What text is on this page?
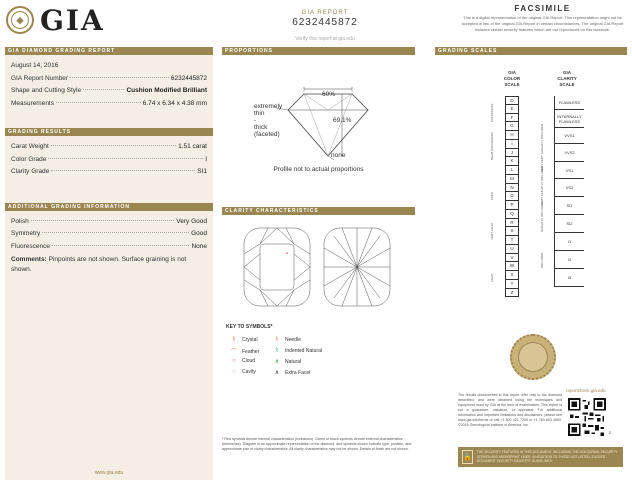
◆ GIA	GIA REPORT
6232445872
Verify this report at gia.edu
FACSIMILE
This is a digital representation of the original GIA Report. This representation might not be accepted in lieu of the original GIA Report in certain circumstances. The original GIA Report includes certain security features which are not reproduced on this facsimile.
GIA DIAMOND GRADING REPORT
August 14, 2016
GIA Report Number	6232445872
Shape and Cutting Style	Cushion Modified Brilliant
Measurements	6.74 x 6.34 x 4.38 mm
GRADING RESULTS
Carat Weight	1.51 carat
Color Grade	I
Clarity Grade	SI1
ADDITIONAL GRADING INFORMATION
Polish	Very Good
Symmetry	Good
Fluorescence	None
Comments: Pinpoints are not shown. Surface graining is not shown.
www.gia.edu
PROPORTIONS
60%
69.1%
extremely
thin
-
thick
(faceted)
none
Profile not to actual proportions
CLARITY CHARACTERISTICS
o
KEY TO SYMBOLS*
⌇	Crystal	⌇	Needle
⌒ Feather	⌇	Indented Natural
○	Cloud	∧	Natural
◌	Cavity	∧	Extra Facet
* Red symbols denote internal characteristics (inclusions). Green or black symbols denote external characteristics (blemishes). Diagram is an approximate representation of the diamond, and symbols shown indicate type, position, and approximate size of clarity characteristics. All clarity characteristics may not be shown. Details of finish are not shown.
GRADING SCALES
GIA
COLOR
SCALE
D
E
F
G
H
I
J
K
L
M
N
O
P
Q
R
S
T
U
V
W
X
Y
Z
COLORLESS
NEAR COLORLESS
FAINT
VERY LIGHT
LIGHT
GIA
CLARITY
SCALE
FLAWLESS
INTERNALLY FLAWLESS
VVS1
VVS2
VS1
VS2
SI1
SI2
I1
I2
I3
VERY VERY SLIGHTLY INCLUDED
VERY SLIGHTLY INCLUDED
SLIGHTLY INCLUDED
INCLUDED
The results documented in this report refer only to the diamond described, and were obtained using the techniques and equipment used by GIA at the time of examination. This report is not a guarantee, valuation, or appraisal. For additional information and important limitations and disclaimers, please see www.gia.edu/terms or call +1 800 421 7250 or +1 760 603 4500. ©2016 Gemological Institute of America, Inc.
reportcheck.gia.edu
2
🔒
THE SECURITY FEATURES IN THIS DOCUMENT, INCLUDING THE HOLOGRAM, SECURITY SCREEN AND MICROPRINT LINES, IN ADDITION TO THOSE NOT LISTED, EXCEED DOCUMENT SECURITY INDUSTRY GUIDELINES.
